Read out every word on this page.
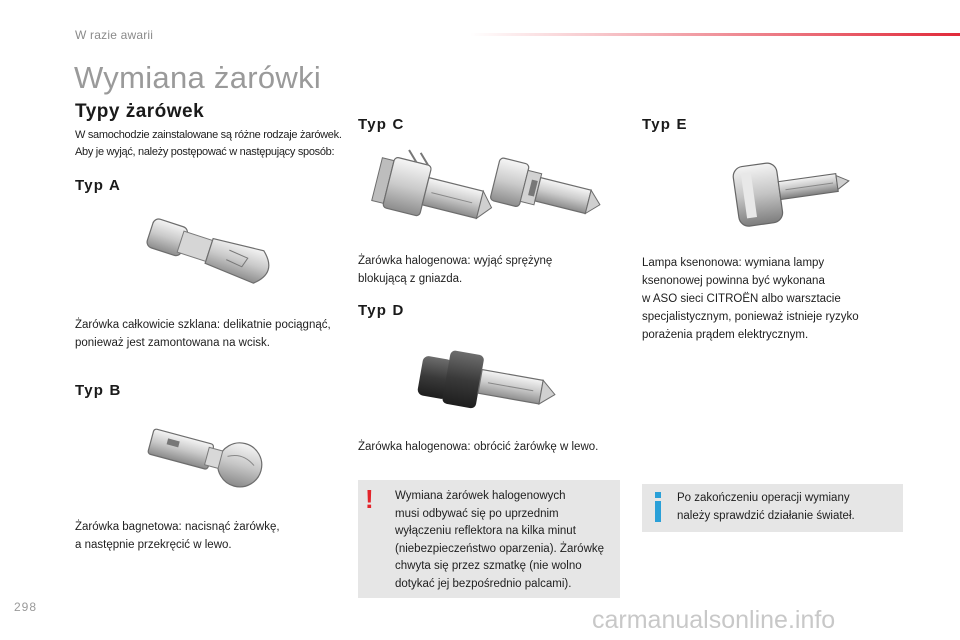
W razie awarii
Wymiana żarówki
Typy żarówek
W samochodzie zainstalowane są różne rodzaje żarówek.
Aby je wyjąć, należy postępować w następujący sposób:
Typ A
Żarówka całkowicie szklana: delikatnie pociągnąć,
ponieważ jest zamontowana na wcisk.
Typ B
Żarówka bagnetowa: nacisnąć żarówkę,
a następnie przekręcić w lewo.
Typ C
Żarówka halogenowa: wyjąć sprężynę
blokującą z gniazda.
Typ D
Żarówka halogenowa: obrócić żarówkę w lewo.
! Wymiana żarówek halogenowych
musi odbywać się po uprzednim
wyłączeniu reflektora na kilka minut
(niebezpieczeństwo oparzenia). Żarówkę
chwyta się przez szmatkę (nie wolno
dotykać jej bezpośrednio palcami).
Typ E
Lampa ksenonowa: wymiana lampy
ksenonowej powinna być wykonana
w ASO sieci CITROËN albo warsztacie
specjalistycznym, ponieważ istnieje ryzyko
porażenia prądem elektrycznym.
Po zakończeniu operacji wymiany
należy sprawdzić działanie świateł.
298	carmanualsonline.info
